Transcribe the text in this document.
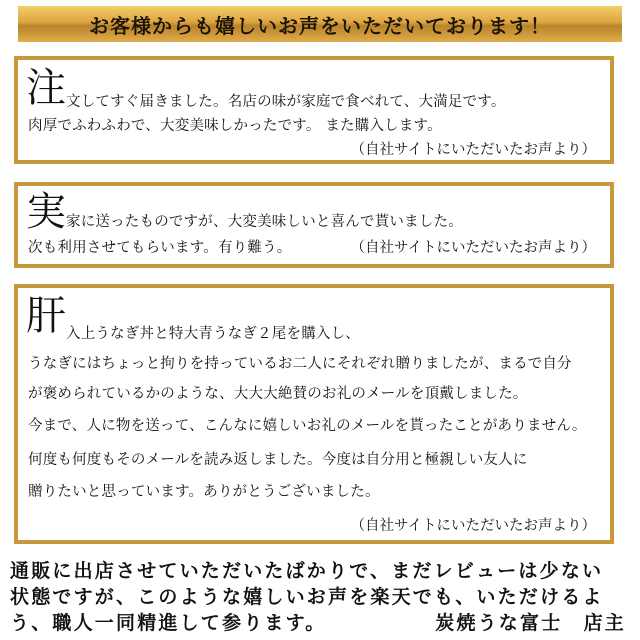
お客様からも嬉しいお声をいただいております！
注 文してすぐ届きました。名店の味が家庭で食べれて、大満足です。
肉厚でふわふわで、大変美味しかったです。 また購入します。
（自社サイトにいただいたお声より）
実 家に送ったものですが、大変美味しいと喜んで貰いました。
次も利用させてもらいます。有り難う。	（自社サイトにいただいたお声より）
肝 入上うなぎ丼と特大青うなぎ２尾を購入し、
うなぎにはちょっと拘りを持っているお二人にそれぞれ贈りましたが、まるで自分
が褒められているかのような、大大大絶賛のお礼のメールを頂戴しました。
今まで、人に物を送って、こんなに嬉しいお礼のメールを貰ったことがありません。
何度も何度もそのメールを読み返しました。今度は自分用と極親しい友人に
贈りたいと思っています。ありがとうございました。
（自社サイトにいただいたお声より）
通販に出店させていただいたばかりで、まだレビューは少ない
状態ですが、このような嬉しいお声を楽天でも、いただけるよ
う、職人一同精進して参ります。	炭焼うな富士　店主
